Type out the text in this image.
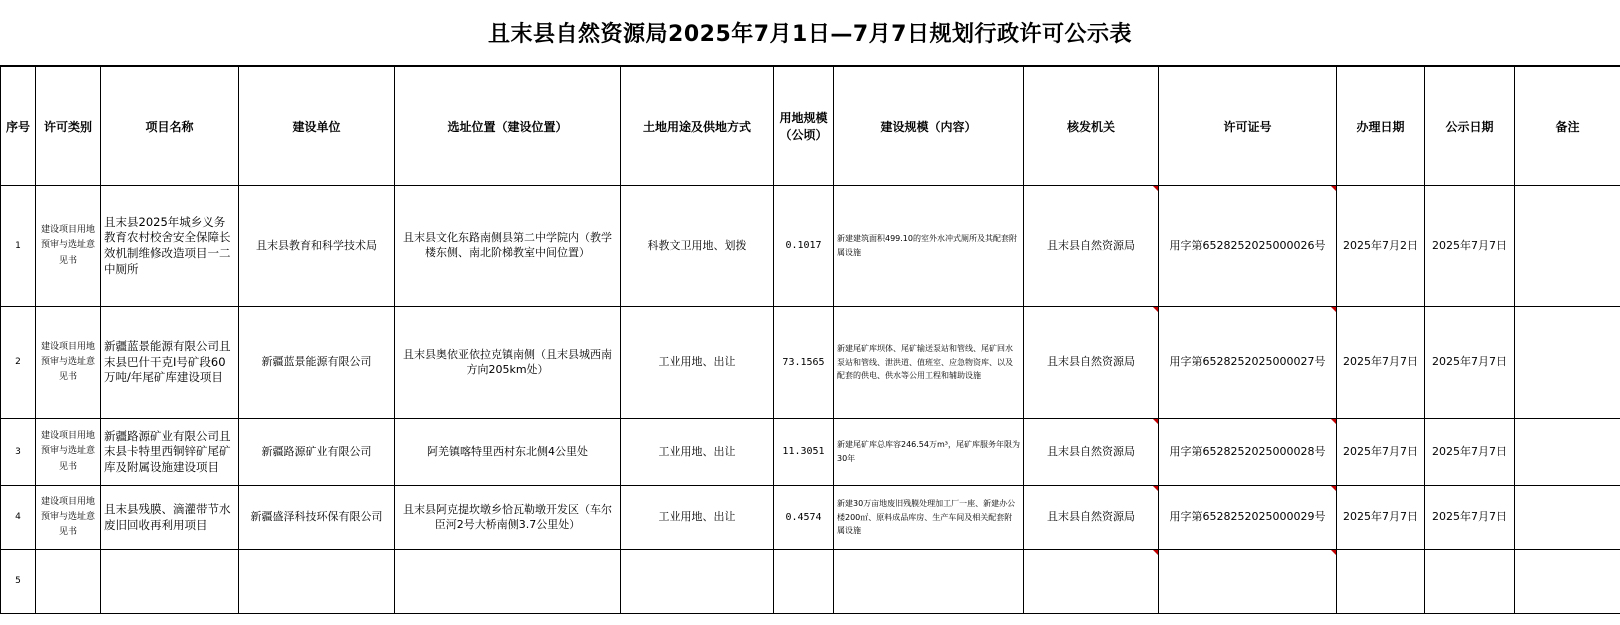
且末县自然资源局2025年7月1日—7月7日规划行政许可公示表
序号	许可类别	项目名称	建设单位	选址位置（建设位置）	土地用途及供地方式	用地规模（公顷）	建设规模（内容）	核发机关	许可证号	办理日期	公示日期	备注
1	建设项目用地预审与选址意见书	且末县2025年城乡义务教育农村校舍安全保障长效机制维修改造项目一二中厕所	且末县教育和科学技术局	且末县文化东路南侧县第二中学院内（教学楼东侧、南北阶梯教室中间位置）	科教文卫用地、划拨	0.1017	新建建筑面积499.10的室外水冲式厕所及其配套附属设施	且末县自然资源局	用字第6528252025000026号	2025年7月2日	2025年7月7日	
2	建设项目用地预审与选址意见书	新疆蓝景能源有限公司且末县巴什干克Ⅰ号矿段60万吨/年尾矿库建设项目	新疆蓝景能源有限公司	且末县奥依亚依拉克镇南侧（且末县城西南方向205km处）	工业用地、出让	73.1565	新建尾矿库坝体、尾矿输送泵站和管线、尾矿回水泵站和管线、泄洪道、值班室、应急物资库、以及配套的供电、供水等公用工程和辅助设施	且末县自然资源局	用字第6528252025000027号	2025年7月7日	2025年7月7日	
3	建设项目用地预审与选址意见书	新疆路源矿业有限公司且末县卡特里西铜锌矿尾矿库及附属设施建设项目	新疆路源矿业有限公司	阿羌镇喀特里西村东北侧4公里处	工业用地、出让	11.3051	新建尾矿库总库容246.54万m³，尾矿库服务年限为30年	且末县自然资源局	用字第6528252025000028号	2025年7月7日	2025年7月7日	
4	建设项目用地预审与选址意见书	且末县残膜、滴灌带节水废旧回收再利用项目	新疆盛泽科技环保有限公司	且末县阿克提坎墩乡恰瓦勒墩开发区（车尔臣河2号大桥南侧3.7公里处）	工业用地、出让	0.4574	新建30万亩地废旧残膜处理加工厂一座、新建办公楼200㎡、原料成品库房、生产车间及相关配套附属设施	且末县自然资源局	用字第6528252025000029号	2025年7月7日	2025年7月7日	
5												
